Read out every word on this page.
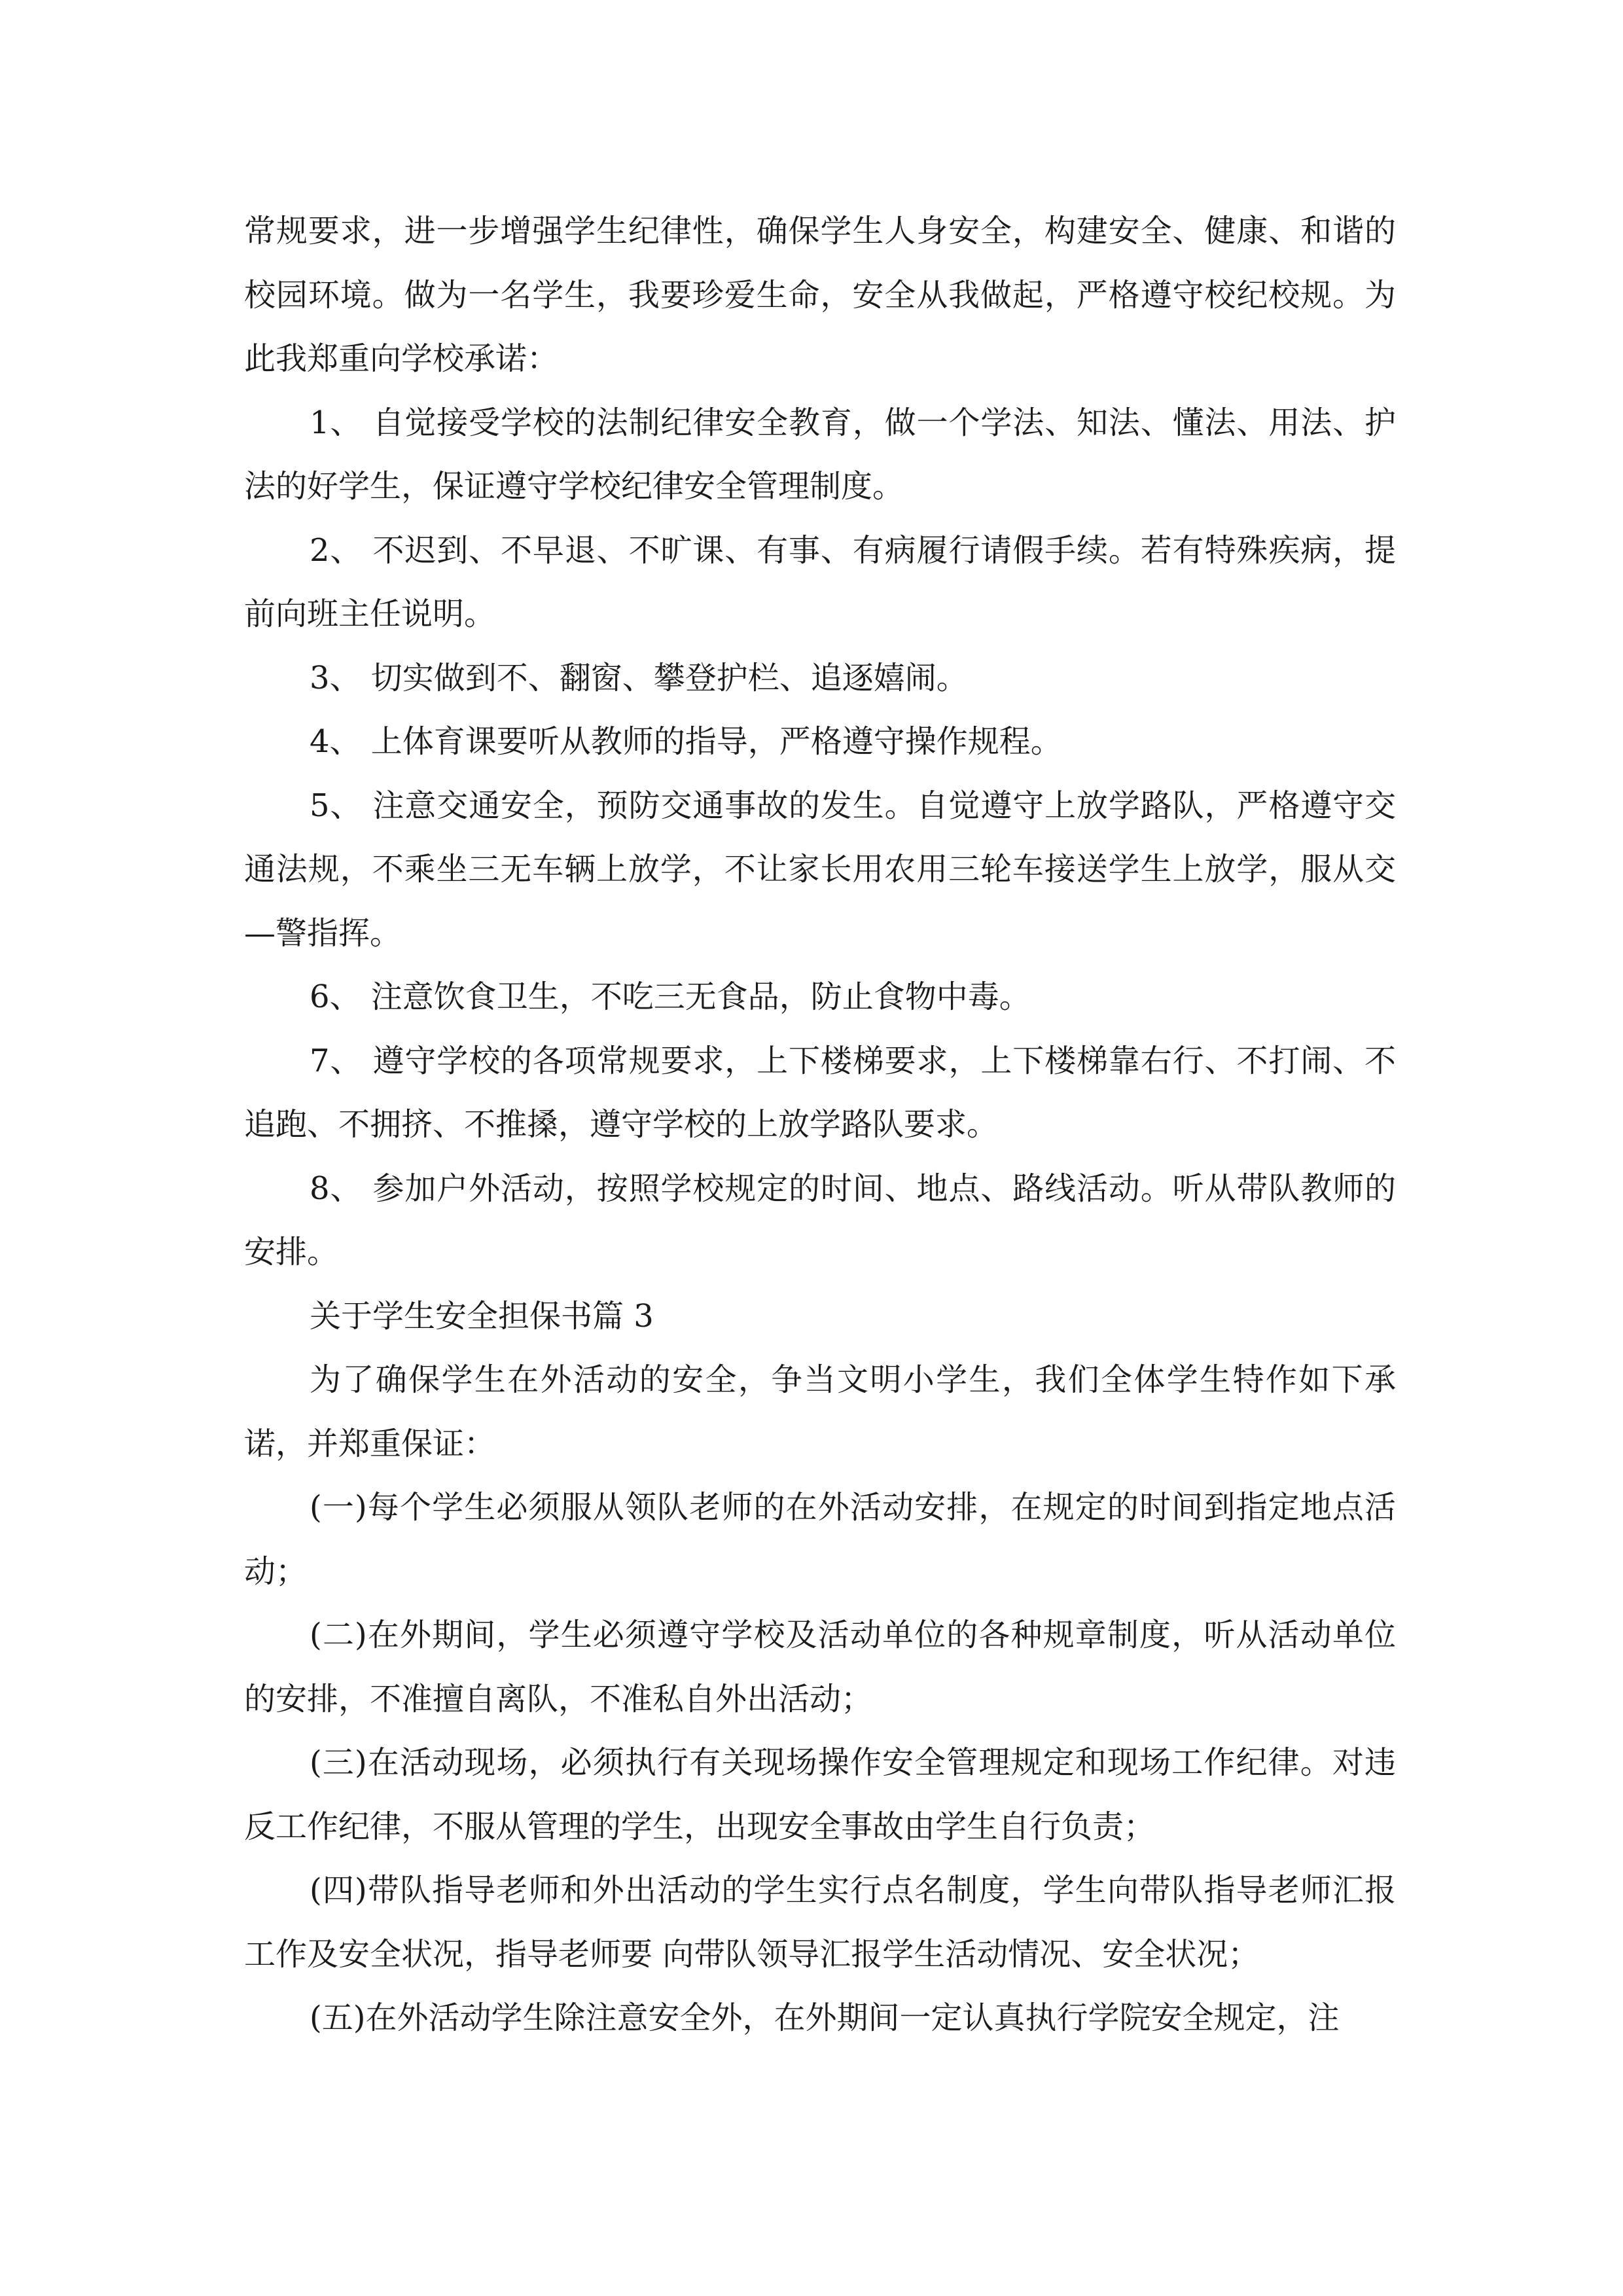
常规要求，进一步增强学生纪律性，确保学生人身安全，构建安全、健康、和谐的校园环境。做为一名学生，我要珍爱生命，安全从我做起，严格遵守校纪校规。为此我郑重向学校承诺：

1、 自觉接受学校的法制纪律安全教育，做一个学法、知法、懂法、用法、护法的好学生，保证遵守学校纪律安全管理制度。

2、 不迟到、不早退、不旷课、有事、有病履行请假手续。若有特殊疾病，提前向班主任说明。

3、 切实做到不、翻窗、攀登护栏、追逐嬉闹。

4、 上体育课要听从教师的指导，严格遵守操作规程。

5、 注意交通安全，预防交通事故的发生。自觉遵守上放学路队，严格遵守交通法规，不乘坐三无车辆上放学，不让家长用农用三轮车接送学生上放学，服从交—警指挥。

6、 注意饮食卫生，不吃三无食品，防止食物中毒。

7、 遵守学校的各项常规要求，上下楼梯要求，上下楼梯靠右行、不打闹、不追跑、不拥挤、不推搡，遵守学校的上放学路队要求。

8、 参加户外活动，按照学校规定的时间、地点、路线活动。听从带队教师的安排。

关于学生安全担保书篇 3

为了确保学生在外活动的安全，争当文明小学生，我们全体学生特作如下承诺，并郑重保证：

(一)每个学生必须服从领队老师的在外活动安排，在规定的时间到指定地点活动；

(二)在外期间，学生必须遵守学校及活动单位的各种规章制度，听从活动单位的安排，不准擅自离队，不准私自外出活动；

(三)在活动现场，必须执行有关现场操作安全管理规定和现场工作纪律。对违反工作纪律，不服从管理的学生，出现安全事故由学生自行负责；

(四)带队指导老师和外出活动的学生实行点名制度，学生向带队指导老师汇报工作及安全状况，指导老师要 向带队领导汇报学生活动情况、安全状况；

(五)在外活动学生除注意安全外，在外期间一定认真执行学院安全规定，注
